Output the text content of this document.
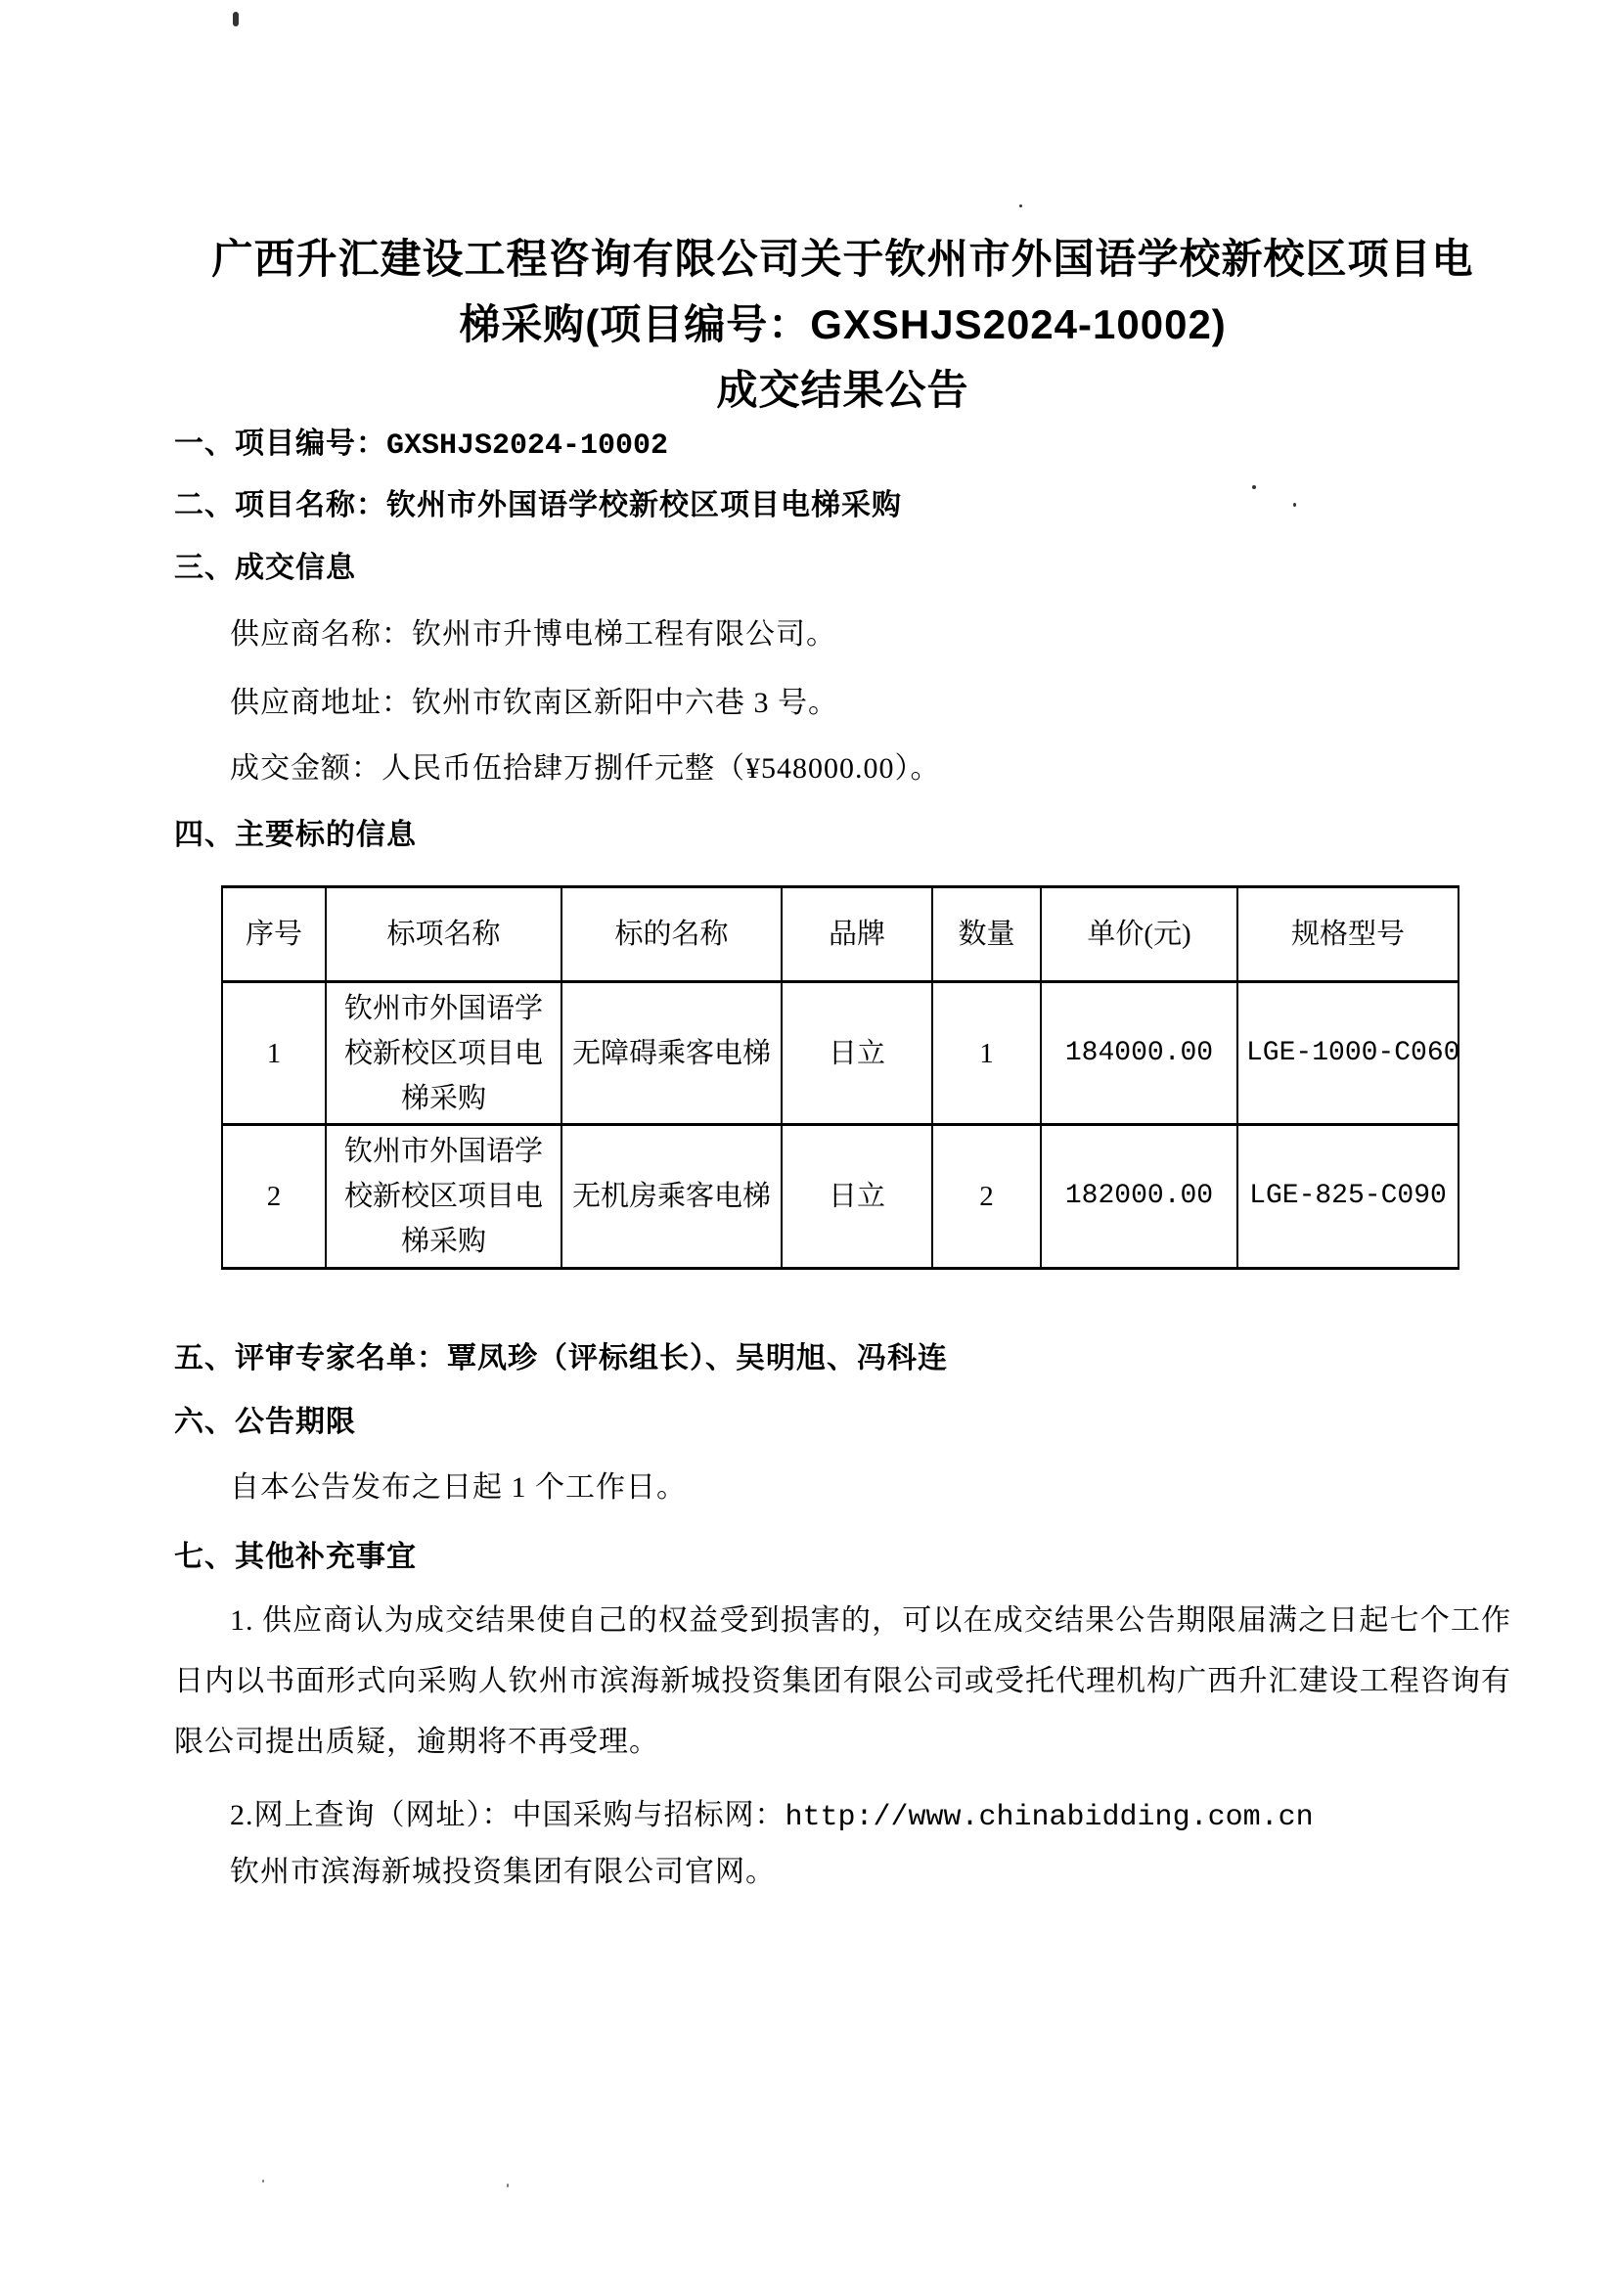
广西升汇建设工程咨询有限公司关于钦州市外国语学校新校区项目电
梯采购(项目编号：GXSHJS2024-10002)
成交结果公告

一、项目编号：GXSHJS2024-10002

二、项目名称：钦州市外国语学校新校区项目电梯采购

三、成交信息

供应商名称：钦州市升博电梯工程有限公司。

供应商地址：钦州市钦南区新阳中六巷 3 号。

成交金额：人民币伍拾肆万捌仟元整（¥548000.00）。

四、主要标的信息

序号	标项名称	标的名称	品牌	数量	单价(元)	规格型号
1	钦州市外国语学校新校区项目电梯采购	无障碍乘客电梯	日立	1	184000.00	LGE-1000-C060
2	钦州市外国语学校新校区项目电梯采购	无机房乘客电梯	日立	2	182000.00	LGE-825-C090

五、评审专家名单：覃凤珍（评标组长）、吴明旭、冯科连

六、公告期限

自本公告发布之日起 1 个工作日。

七、其他补充事宜

1. 供应商认为成交结果使自己的权益受到损害的，可以在成交结果公告期限届满之日起七个工作日内以书面形式向采购人钦州市滨海新城投资集团有限公司或受托代理机构广西升汇建设工程咨询有限公司提出质疑，逾期将不再受理。

2.网上查询（网址）：中国采购与招标网：http://www.chinabidding.com.cn

钦州市滨海新城投资集团有限公司官网。
